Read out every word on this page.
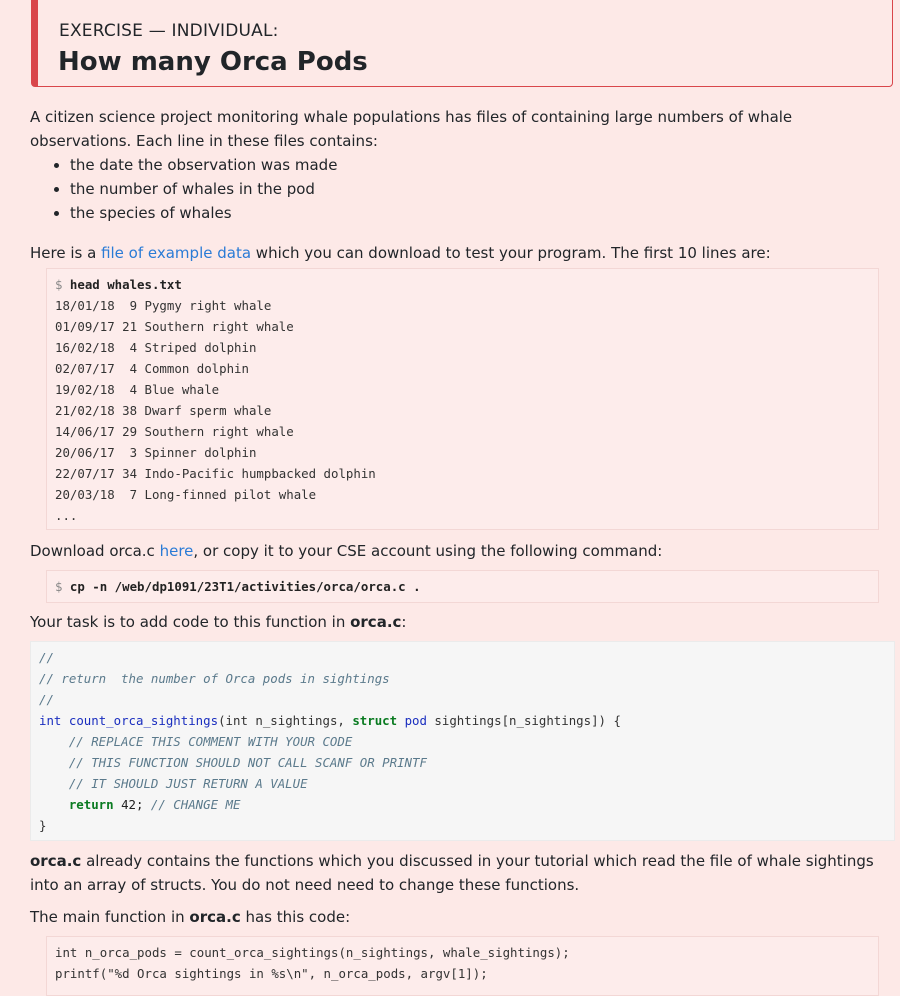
EXERCISE — INDIVIDUAL:
How many Orca Pods
A citizen science project monitoring whale populations has files of containing large numbers of whale observations. Each line in these files contains:
• the date the observation was made
• the number of whales in the pod
• the species of whales
Here is a file of example data which you can download to test your program. The first 10 lines are:
$ head whales.txt
18/01/18  9 Pygmy right whale
01/09/17 21 Southern right whale
16/02/18  4 Striped dolphin
02/07/17  4 Common dolphin
19/02/18  4 Blue whale
21/02/18 38 Dwarf sperm whale
14/06/17 29 Southern right whale
20/06/17  3 Spinner dolphin
22/07/17 34 Indo-Pacific humpbacked dolphin
20/03/18  7 Long-finned pilot whale
...
Download orca.c here, or copy it to your CSE account using the following command:
$ cp -n /web/dp1091/23T1/activities/orca/orca.c .
Your task is to add code to this function in orca.c:
//
// return  the number of Orca pods in sightings
//
int count_orca_sightings(int n_sightings, struct pod sightings[n_sightings]) {
// REPLACE THIS COMMENT WITH YOUR CODE
// THIS FUNCTION SHOULD NOT CALL SCANF OR PRINTF
// IT SHOULD JUST RETURN A VALUE
return 42; // CHANGE ME
}
orca.c already contains the functions which you discussed in your tutorial which read the file of whale sightings into an array of structs. You do not need need to change these functions.
The main function in orca.c has this code:
int n_orca_pods = count_orca_sightings(n_sightings, whale_sightings);
printf("%d Orca sightings in %s\n", n_orca_pods, argv[1]);
